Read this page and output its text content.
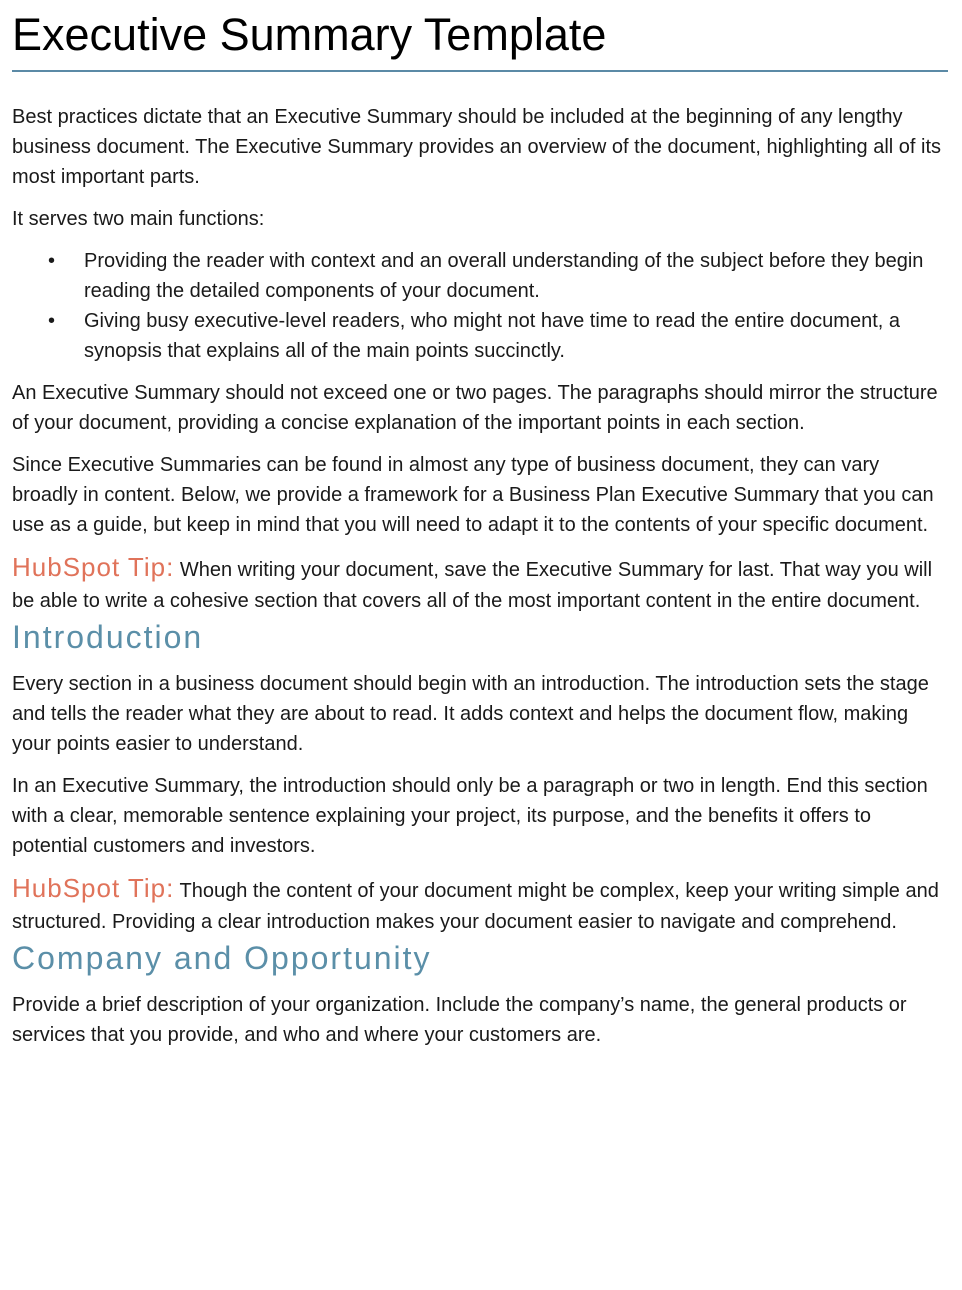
Executive Summary Template

Best practices dictate that an Executive Summary should be included at the beginning of any lengthy business document. The Executive Summary provides an overview of the document, highlighting all of its most important parts.

It serves two main functions:

• Providing the reader with context and an overall understanding of the subject before they begin reading the detailed components of your document.
• Giving busy executive-level readers, who might not have time to read the entire document, a synopsis that explains all of the main points succinctly.

An Executive Summary should not exceed one or two pages. The paragraphs should mirror the structure of your document, providing a concise explanation of the important points in each section.

Since Executive Summaries can be found in almost any type of business document, they can vary broadly in content. Below, we provide a framework for a Business Plan Executive Summary that you can use as a guide, but keep in mind that you will need to adapt it to the contents of your specific document.

HubSpot Tip: When writing your document, save the Executive Summary for last. That way you will be able to write a cohesive section that covers all of the most important content in the entire document.

Introduction

Every section in a business document should begin with an introduction. The introduction sets the stage and tells the reader what they are about to read. It adds context and helps the document flow, making your points easier to understand.

In an Executive Summary, the introduction should only be a paragraph or two in length. End this section with a clear, memorable sentence explaining your project, its purpose, and the benefits it offers to potential customers and investors.

HubSpot Tip: Though the content of your document might be complex, keep your writing simple and structured. Providing a clear introduction makes your document easier to navigate and comprehend.

Company and Opportunity

Provide a brief description of your organization. Include the company’s name, the general products or services that you provide, and who and where your customers are.
